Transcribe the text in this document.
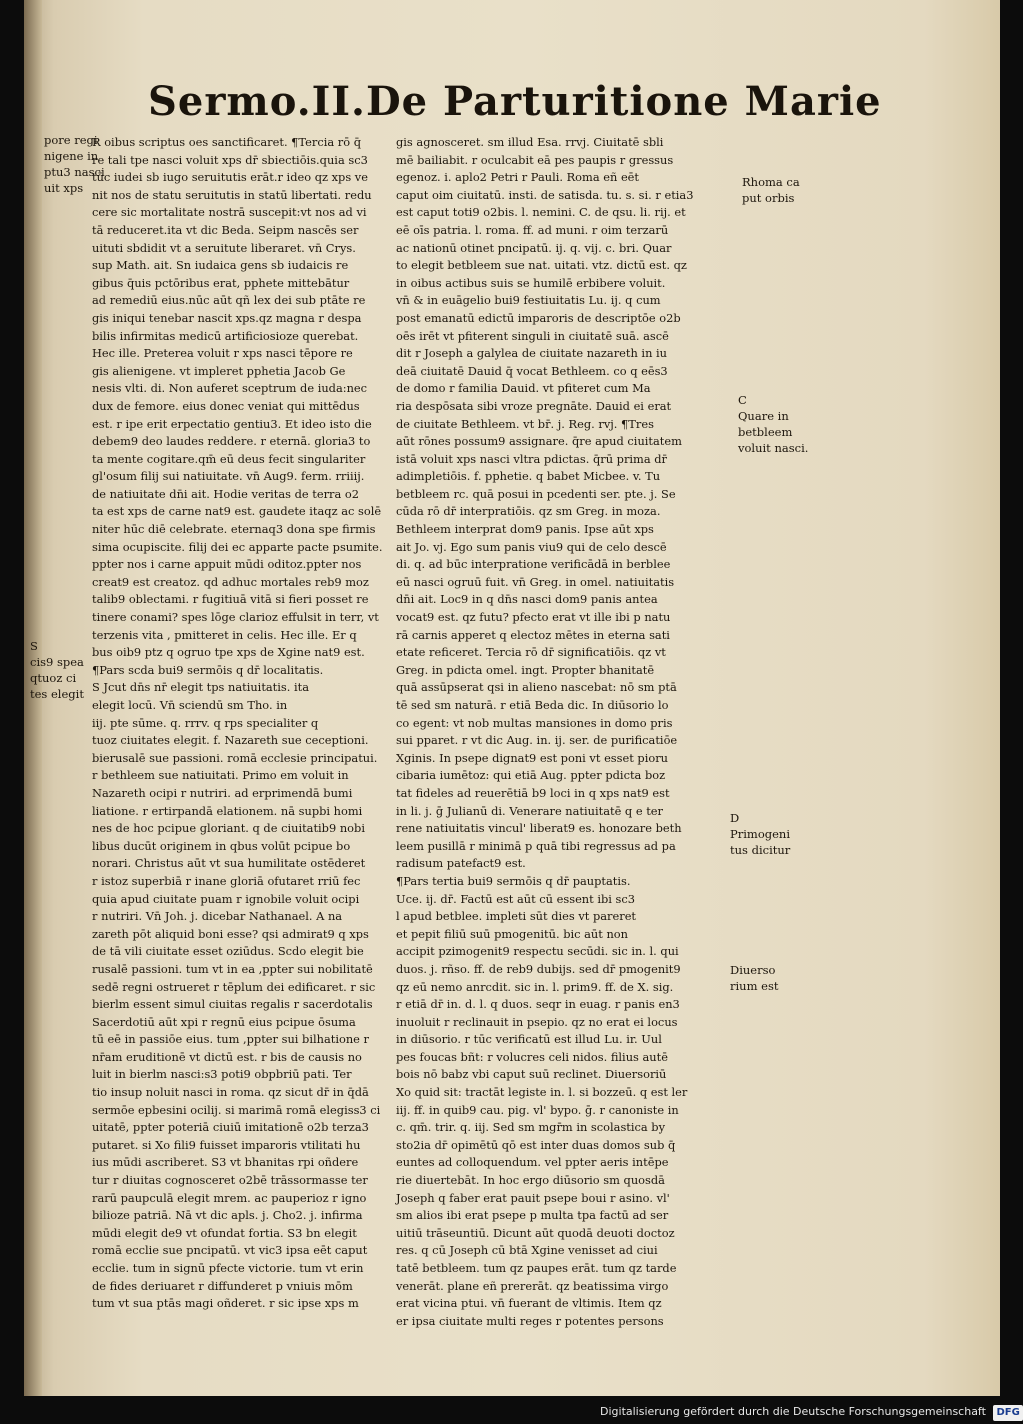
Sermo.II.De Parturitione Marie
pore regi
nigene in
ptu3 nasci
uit xps
S
cis9 spea
qtuoz ci
tes elegit
R oibus scriptus oes sanctificaret. ¶Tercia rō q̄
re tali tpe nasci voluit xps dr̄ sbiectiōis.quia sc3
tūc iudei sb iugo seruitutis erāt.r ideo qz xps ve
nit nos de statu seruitutis in statū libertati. redu
cere sic mortalitate nostrā suscepit:vt nos ad vi
tā reduceret.ita vt dic Beda. Seipm nascēs ser
uituti sbdidit vt a seruitute liberaret. vn̄ Crys.
sup Math. ait. Sn iudaica gens sb iudaicis re
gibus q̄uis pctōribus erat, pphete mittebātur
ad remediū eius.nūc aūt qñ lex dei sub ptāte re
gis iniqui tenebar nascit xps.qz magna r despa
bilis infirmitas medicū artificiosioze querebat.
Hec ille. Preterea voluit r xps nasci tēpore re
gis alienigene. vt impleret pphetia Jacob Ge
nesis vlti. di. Non auferet sceptrum de iuda:nec
dux de femore. eius donec veniat qui mittēdus
est. r ipe erit erpectatio gentiu3. Et ideo isto die
debem9 deo laudes reddere. r eternā. gloria3 to
ta mente cogitare.qm̄ eū deus fecit singulariter
gl'osum filij sui natiuitate. vn̄ Aug9. ferm. rriiij.
de natiuitate dn̄i ait. Hodie veritas de terra o2
ta est xps de carne nat9 est. gaudete itaqz ac solē
niter hūc diē celebrate. eternaq3 dona spe firmis
sima ocupiscite. filij dei ec apparte pacte psumite.
ppter nos i carne appuit mūdi oditoz.ppter nos
creat9 est creatoz. qd adhuc mortales reb9 moz
talib9 oblectami. r fugitiuā vitā si fieri posset re
tinere conami? spes lōge clarioz effulsit in terr, vt
terzenis vita , pmitteret in celis. Hec ille. Er q
bus oib9 ptz q ogruo tpe xps de Xgine nat9 est.
¶Pars scda bui9 sermōis q dr̄ localitatis.
S Jcut dn̄s nr̄ elegit tps natiuitatis. ita
elegit locū. Vn̄ sciendū sm Tho. in
iij. pte sūme. q. rrrv. q rps specialiter q
tuoz ciuitates elegit. f. Nazareth sue ceceptioni.
bierusalē sue passioni. romā ecclesie principatui.
r bethleem sue natiuitati. Primo em voluit in
Nazareth ocipi r nutriri. ad erprimendā bumi
liatione. r ertirpandā elationem. nā supbi homi
nes de hoc pcipue gloriant. q de ciuitatib9 nobi
libus ducūt originem in qbus volūt pcipue bo
norari. Christus aūt vt sua humilitate ostēderet
r istoz superbiā r inane gloriā ofutaret rriū fec
quia apud ciuitate puam r ignobile voluit ocipi
r nutriri. Vn̄ Joh. j. dicebar Nathanael. A na
zareth pōt aliquid boni esse? qsi admirat9 q xps
de tā vili ciuitate esset oziūdus. Scdo elegit bie
rusalē passioni. tum vt in ea ,ppter sui nobilitatē
sedē regni ostrueret r tēplum dei edificaret. r sic
bierlm essent simul ciuitas regalis r sacerdotalis
Sacerdotiū aūt xpi r regnū eius pcipue ōsuma
tū eē in passiōe eius. tum ,ppter sui bilhatione r
nr̄am eruditionē vt dictū est. r bis de causis no
luit in bierlm nasci:s3 poti9 obpbriū pati. Ter
tio insup noluit nasci in roma. qz sicut dr̄ in q̄dā
sermōe epbesini ocilij. si marimā romā elegiss3 ci
uitatē, ppter poteriā ciuiū imitationē o2b terza3
putaret. si Xo fili9 fuisset imparoris vtilitati hu
ius mūdi ascriberet. S3 vt bhanitas rpi oñdere
tur r diuitas cognosceret o2bē trāssormasse ter
rarū paupculā elegit mrem. ac pauperioz r igno
bilioze patriā. Nā vt dic apls. j. Cho2. j. infirma
mūdi elegit de9 vt ofundat fortia. S3 bn elegit
romā ecclie sue pncipatū. vt vic3 ipsa eēt caput
ecclie. tum in signū pfecte victorie. tum vt erin
de fides deriuaret r diffunderet p vniuis mōm
tum vt sua ptās magi oñderet. r sic ipse xps m
gis agnosceret. sm illud Esa. rrvj. Ciuitatē sbli
mē bailiabit. r oculcabit eā pes paupis r gressus
egenoz. i. aplo2 Petri r Pauli. Roma eñ eēt
caput oim ciuitatū. insti. de satisda. tu. s. si. r etia3
est caput toti9 o2bis. l. nemini. C. de qsu. li. rij. et
eē oīs patria. l. roma. ff. ad muni. r oim terzarū
ac nationū otinet pncipatū. ij. q. vij. c. bri. Quar
to elegit betbleem sue nat. uitati. vtz. dictū est. qz
in oibus actibus suis se humilē erbibere voluit.
vn̄ & in euāgelio bui9 festiuitatis Lu. ij. q cum
post emanatū edictū imparoris de descriptōe o2b
oēs irēt vt pfiterent singuli in ciuitatē suā. ascē
dit r Joseph a galylea de ciuitate nazareth in iu
deā ciuitatē Dauid q̄ vocat Bethleem. co q eēs3
de domo r familia Dauid. vt pfiteret cum Ma
ria despōsata sibi vroze pregnāte. Dauid ei erat
de ciuitate Bethleem. vt br̄. j. Reg. rvj. ¶Tres
aūt rōnes possum9 assignare. q̄re apud ciuitatem
istā voluit xps nasci vltra pdictas. q̄rū prima dr̄
adimpletiōis. f. pphetie. q babet Micbee. v. Tu
betbleem rc. quā posui in pcedenti ser. pte. j. Se
cūda rō dr̄ interpratiōis. qz sm Greg. in moza.
Bethleem interprat dom9 panis. Ipse aūt xps
ait Jo. vj. Ego sum panis viu9 qui de celo descē
di. q. ad būc interpratione verificādā in berblee
eū nasci ogruū fuit. vn̄ Greg. in omel. natiuitatis
dn̄i ait. Loc9 in q dn̄s nasci dom9 panis antea
vocat9 est. qz futu? pfecto erat vt ille ibi p natu
rā carnis apperet q electoz mētes in eterna sati
etate reficeret. Tercia rō dr̄ significatiōis. qz vt
Greg. in pdicta omel. ingt. Propter bhanitatē
quā assūpserat qsi in alieno nascebat: nō sm ptā
tē sed sm naturā. r etiā Beda dic. In diūsorio lo
co egent: vt nob multas mansiones in domo pris
sui pparet. r vt dic Aug. in. ij. ser. de purificatiōe
Xginis. In psepe dignat9 est poni vt esset pioru
cibaria iumētoz: qui etiā Aug. ppter pdicta boz
tat fideles ad reuerētiā b9 loci in q xps nat9 est
in li. j. ḡ Julianū di. Venerare natiuitatē q e ter
rene natiuitatis vincul' liberat9 es. honozare beth
leem pusillā r minimā p quā tibi regressus ad pa
radisum patefact9 est.
¶Pars tertia bui9 sermōis q dr̄ pauptatis.
Uce. ij. dr̄. Factū est aūt cū essent ibi sc3
l apud betblee. impleti sūt dies vt pareret
et pepit filiū suū pmogenitū. bic aūt non
accipit pzimogenit9 respectu secūdi. sic in. l. qui
duos. j. rñso. ff. de reb9 dubijs. sed dr̄ pmogenit9
qz eū nemo anrcdit. sic in. l. prim9. ff. de X. sig.
r etiā dr̄ in. d. l. q duos. seqr in euag. r panis en3
inuoluit r reclinauit in psepio. qz no erat ei locus
in diūsorio. r tūc verificatū est illud Lu. ir. Uul
pes foucas bñt: r volucres celi nidos. filius autē
bois nō babz vbi caput suū reclinet. Diuersoriū
Xo quid sit: tractāt legiste in. l. si bozzeū. q est ler
iij. ff. in quib9 cau. pig. vl' bypo. ḡ. r canoniste in
c. qm̄. trir. q. iij. Sed sm mgr̄m in scolastica by
sto2ia dr̄ opimētū qō est inter duas domos sub q̄
euntes ad colloquendum. vel ppter aeris intēpe
rie diuertebāt. In hoc ergo diūsorio sm quosdā
Joseph q faber erat pauit psepe boui r asino. vl'
sm alios ibi erat psepe p multa tpa factū ad ser
uitiū trāseuntiū. Dicunt aūt quodā deuoti doctoz
res. q cū Joseph cū btā Xgine venisset ad ciui
tatē betbleem. tum qz paupes erāt. tum qz tarde
venerāt. plane eñ prererāt. qz beatissima virgo
erat vicina ptui. vn̄ fuerant de vltimis. Item qz
er ipsa ciuitate multi reges r potentes persons
Rhoma ca
put orbis
C
Quare in
betbleem
voluit nasci.
D
Primogeni
tus dicitur
Diuerso
rium est
Digitalisierung gefördert durch die Deutsche Forschungsgemeinschaft DFG
